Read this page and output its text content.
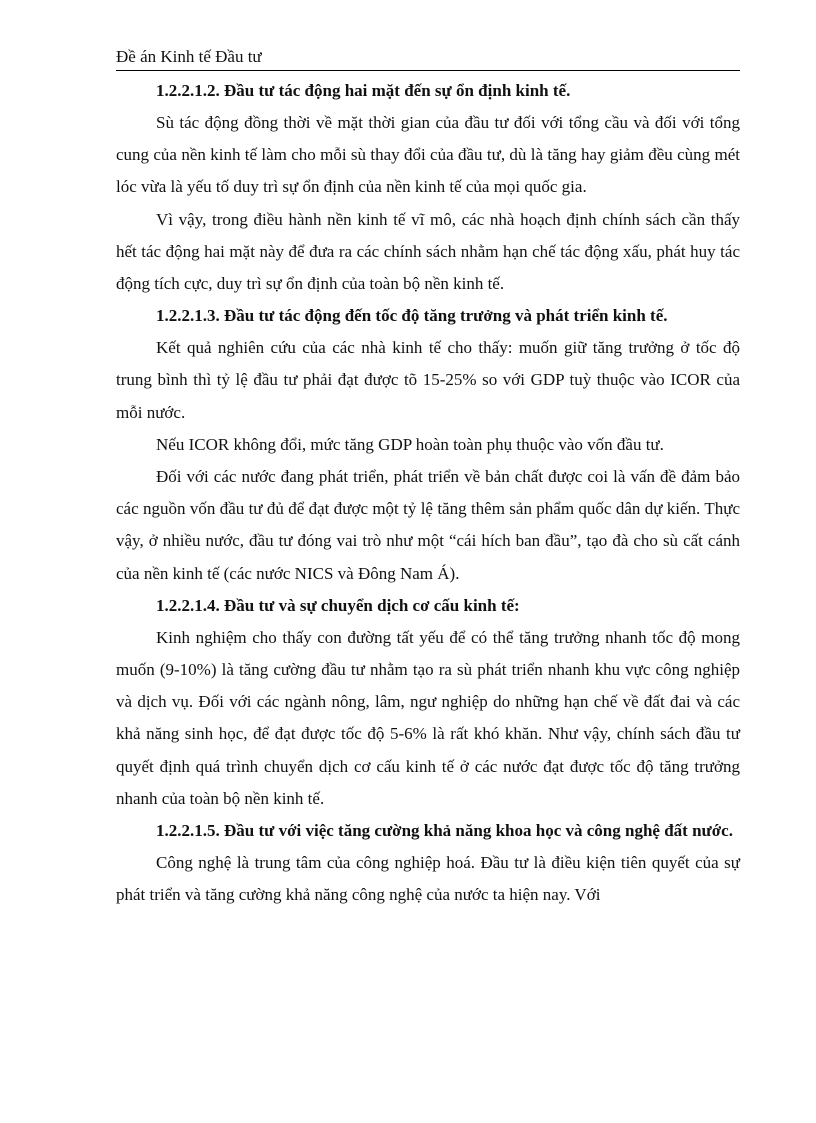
Đề án Kinh tế Đầu tư

1.2.2.1.2. Đầu tư tác động hai mặt đến sự ổn định kinh tế.

Sù tác động đồng thời về mặt thời gian của đầu tư đối với tổng cầu và đối với tổng cung của nền kinh tế làm cho mỗi sù thay đổi của đầu tư, dù là tăng hay giảm đều cùng mét lóc vừa là yếu tố duy trì sự ổn định của nền kinh tế của mọi quốc gia.

Vì vậy, trong điều hành nền kinh tế vĩ mô, các nhà hoạch định chính sách cần thấy hết tác động hai mặt này để đưa ra các chính sách nhằm hạn chế tác động xấu, phát huy tác động tích cực, duy trì sự ổn định của toàn bộ nền kinh tế.

1.2.2.1.3. Đầu tư tác động đến tốc độ tăng trưởng và phát triển kinh tế.

Kết quả nghiên cứu của các nhà kinh tế cho thấy: muốn giữ tăng trưởng ở tốc độ trung bình thì tỷ lệ đầu tư phải đạt được tõ 15-25% so với GDP tuỳ thuộc vào ICOR của mỗi nước.

Nếu ICOR không đổi, mức tăng GDP hoàn toàn phụ thuộc vào vốn đầu tư.

Đối với các nước đang phát triển, phát triển về bản chất được coi là vấn đề đảm bảo các nguồn vốn đầu tư đủ để đạt được một tỷ lệ tăng thêm sản phẩm quốc dân dự kiến. Thực vậy, ở nhiều nước, đầu tư đóng vai trò như một “cái hích ban đầu”, tạo đà cho sù cất cánh của nền kinh tế (các nước NICS và Đông Nam Á).

1.2.2.1.4. Đầu tư và sự chuyển dịch cơ cấu kinh tế:

Kinh nghiệm cho thấy con đường tất yếu để có thể tăng trưởng nhanh tốc độ mong muốn (9-10%) là tăng cường đầu tư nhằm tạo ra sù phát triển nhanh khu vực công nghiệp và dịch vụ. Đối với các ngành nông, lâm, ngư nghiệp do những hạn chế về đất đai và các khả năng sinh học, để đạt được tốc độ 5-6% là rất khó khăn. Như vậy, chính sách đầu tư quyết định quá trình chuyển dịch cơ cấu kinh tế ở các nước đạt được tốc độ tăng trưởng nhanh của toàn bộ nền kinh tế.

1.2.2.1.5. Đầu tư với việc tăng cường khả năng khoa học và công nghệ đất nước.

Công nghệ là trung tâm của công nghiệp hoá. Đầu tư là điều kiện tiên quyết của sự phát triển và tăng cường khả năng công nghệ của nước ta hiện nay. Với
